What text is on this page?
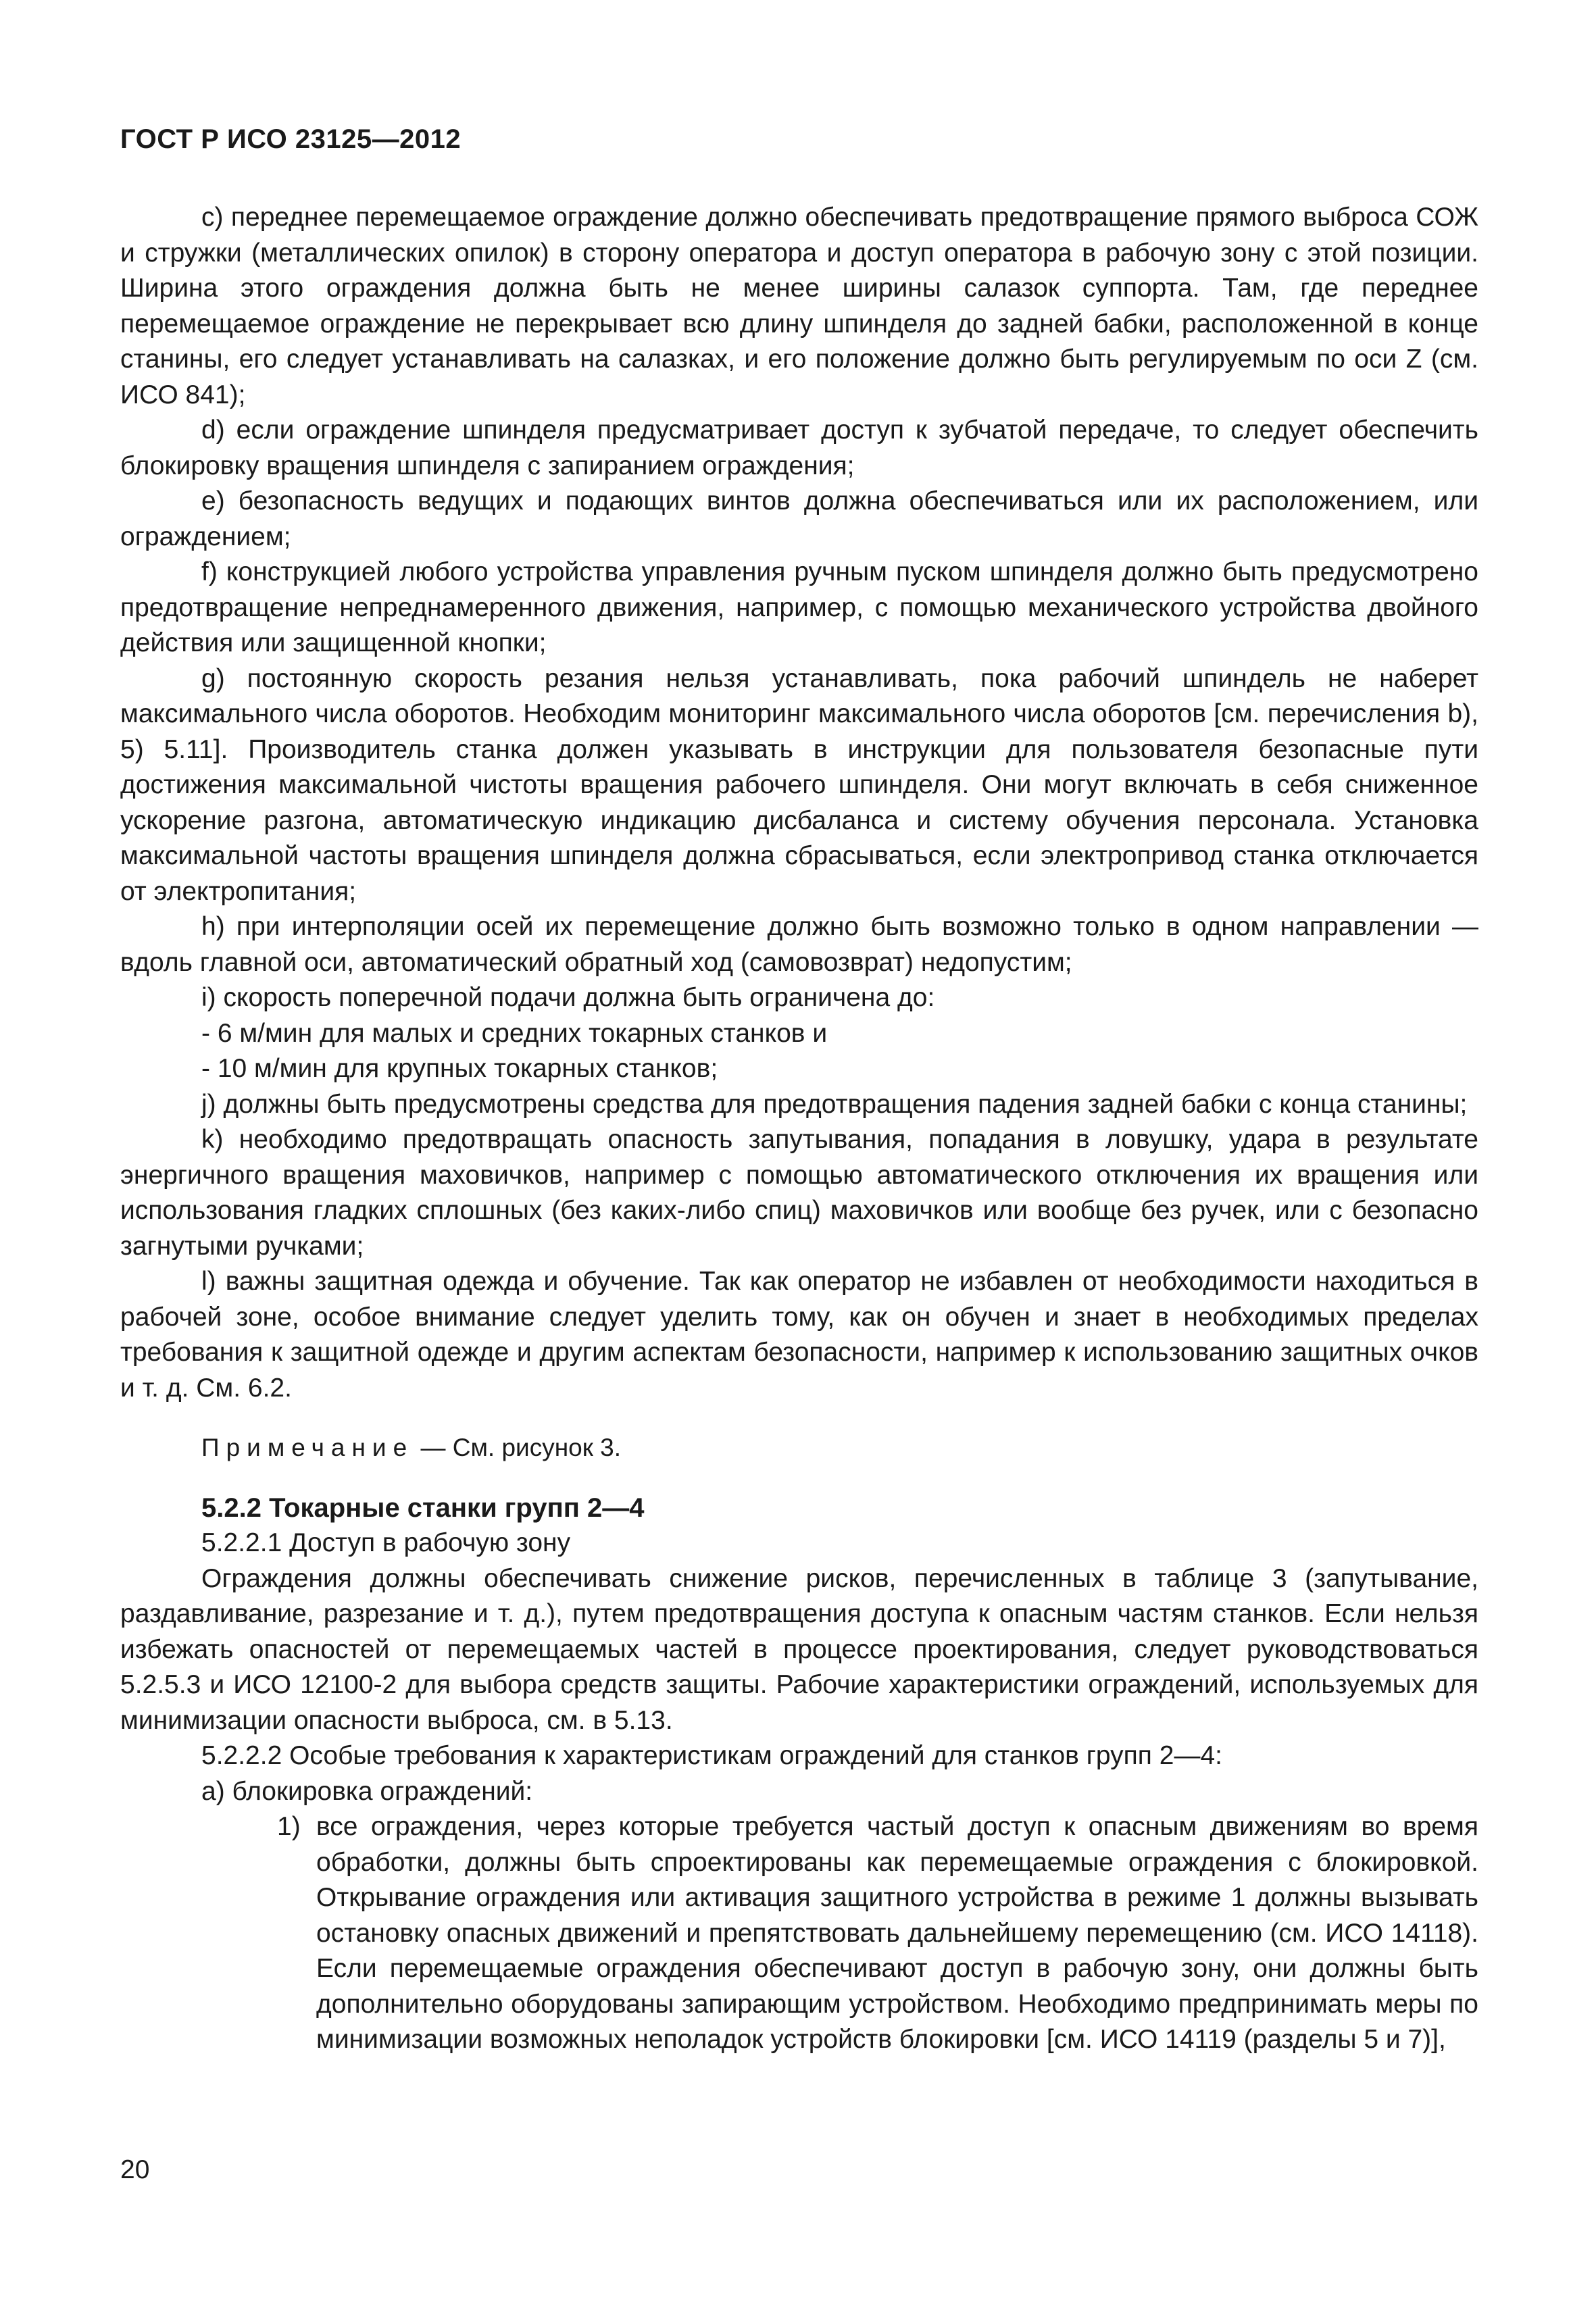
ГОСТ Р ИСО 23125—2012

c) переднее перемещаемое ограждение должно обеспечивать предотвращение прямого выброса СОЖ и стружки (металлических опилок) в сторону оператора и доступ оператора в рабочую зону с этой позиции. Ширина этого ограждения должна быть не менее ширины салазок суппорта. Там, где переднее перемещаемое ограждение не перекрывает всю длину шпинделя до задней бабки, расположенной в конце станины, его следует устанавливать на салазках, и его положение должно быть регулируемым по оси Z (см. ИСО 841);

d) если ограждение шпинделя предусматривает доступ к зубчатой передаче, то следует обеспечить блокировку вращения шпинделя с запиранием ограждения;

e) безопасность ведущих и подающих винтов должна обеспечиваться или их расположением, или ограждением;

f) конструкцией любого устройства управления ручным пуском шпинделя должно быть предусмотрено предотвращение непреднамеренного движения, например, с помощью механического устройства двойного действия или защищенной кнопки;

g) постоянную скорость резания нельзя устанавливать, пока рабочий шпиндель не наберет максимального числа оборотов. Необходим мониторинг максимального числа оборотов [см. перечисления b), 5) 5.11]. Производитель станка должен указывать в инструкции для пользователя безопасные пути достижения максимальной чистоты вращения рабочего шпинделя. Они могут включать в себя сниженное ускорение разгона, автоматическую индикацию дисбаланса и систему обучения персонала. Установка максимальной частоты вращения шпинделя должна сбрасываться, если электропривод станка отключается от электропитания;

h) при интерполяции осей их перемещение должно быть возможно только в одном направлении — вдоль главной оси, автоматический обратный ход (самовозврат) недопустим;

i) скорость поперечной подачи должна быть ограничена до:

- 6 м/мин для малых и средних токарных станков и

- 10 м/мин для крупных токарных станков;

j) должны быть предусмотрены средства для предотвращения падения задней бабки с конца станины;

k) необходимо предотвращать опасность запутывания, попадания в ловушку, удара в результате энергичного вращения маховичков, например с помощью автоматического отключения их вращения или использования гладких сплошных (без каких-либо спиц) маховичков или вообще без ручек, или с безопасно загнутыми ручками;

l) важны защитная одежда и обучение. Так как оператор не избавлен от необходимости находиться в рабочей зоне, особое внимание следует уделить тому, как он обучен и знает в необходимых пределах требования к защитной одежде и другим аспектам безопасности, например к использованию защитных очков и т. д. См. 6.2.

Примечание — См. рисунок 3.

5.2.2 Токарные станки групп 2—4

5.2.2.1 Доступ в рабочую зону

Ограждения должны обеспечивать снижение рисков, перечисленных в таблице 3 (запутывание, раздавливание, разрезание и т. д.), путем предотвращения доступа к опасным частям станков. Если нельзя избежать опасностей от перемещаемых частей в процессе проектирования, следует руководствоваться 5.2.5.3 и ИСО 12100-2 для выбора средств защиты. Рабочие характеристики ограждений, используемых для минимизации опасности выброса, см. в 5.13.

5.2.2.2 Особые требования к характеристикам ограждений для станков групп 2—4:

a) блокировка ограждений:

1) все ограждения, через которые требуется частый доступ к опасным движениям во время обработки, должны быть спроектированы как перемещаемые ограждения с блокировкой. Открывание ограждения или активация защитного устройства в режиме 1 должны вызывать остановку опасных движений и препятствовать дальнейшему перемещению (см. ИСО 14118). Если перемещаемые ограждения обеспечивают доступ в рабочую зону, они должны быть дополнительно оборудованы запирающим устройством. Необходимо предпринимать меры по минимизации возможных неполадок устройств блокировки [см. ИСО 14119 (разделы 5 и 7)],

20
